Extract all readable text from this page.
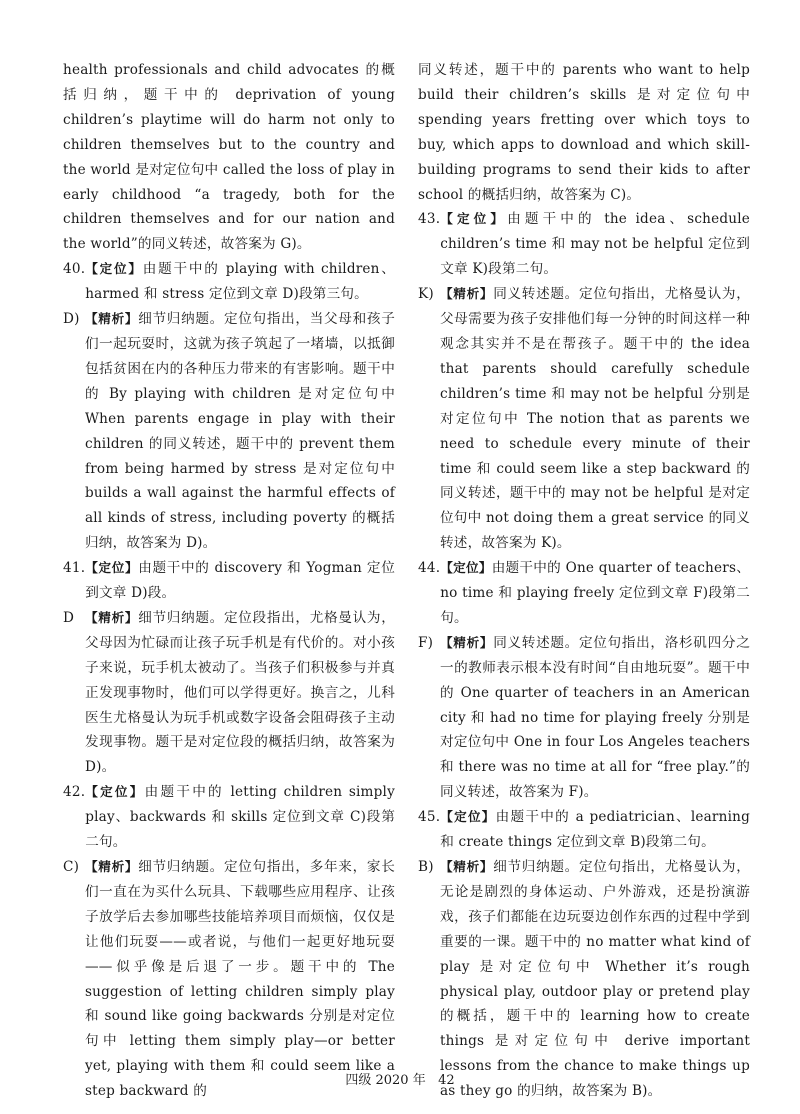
health professionals and child advocates 的概括归纳，题干中的 deprivation of young children’s playtime will do harm not only to children themselves but to the country and the world 是对定位句中 called the loss of play in early childhood “a tragedy, both for the children themselves and for our nation and the world”的同义转述，故答案为 G)。

40. 【定位】由题干中的 playing with children、harmed 和 stress 定位到文章 D)段第三句。
D) 【精析】细节归纳题。定位句指出，当父母和孩子们一起玩耍时，这就为孩子筑起了一堵墙，以抵御包括贫困在内的各种压力带来的有害影响。题干中的 By playing with children 是对定位句中 When parents engage in play with their children 的同义转述，题干中的 prevent them from being harmed by stress 是对定位句中 builds a wall against the harmful effects of all kinds of stress, including poverty 的概括归纳，故答案为 D)。
41. 【定位】由题干中的 discovery 和 Yogman 定位到文章 D)段。
D 【精析】细节归纳题。定位段指出，尤格曼认为，父母因为忙碌而让孩子玩手机是有代价的。对小孩子来说，玩手机太被动了。当孩子们积极参与并真正发现事物时，他们可以学得更好。换言之，儿科医生尤格曼认为玩手机或数字设备会阻碍孩子主动发现事物。题干是对定位段的概括归纳，故答案为 D)。
42. 【定位】由题干中的 letting children simply play、backwards 和 skills 定位到文章 C)段第二句。
C) 【精析】细节归纳题。定位句指出，多年来，家长们一直在为买什么玩具、下载哪些应用程序、让孩子放学后去参加哪些技能培养项目而烦恼，仅仅是让他们玩耍——或者说，与他们一起更好地玩耍——似乎像是后退了一步。题干中的 The suggestion of letting children simply play 和 sound like going backwards 分别是对定位句中 letting them simply play—or better yet, playing with them 和 could seem like a step backward 的

同义转述，题干中的 parents who want to help build their children’s skills 是对定位句中 spending years fretting over which toys to buy, which apps to download and which skill-building programs to send their kids to after school 的概括归纳，故答案为 C)。

43. 【定位】由题干中的 the idea、schedule children’s time 和 may not be helpful 定位到文章 K)段第二句。
K) 【精析】同义转述题。定位句指出，尤格曼认为，父母需要为孩子安排他们每一分钟的时间这样一种观念其实并不是在帮孩子。题干中的 the idea that parents should carefully schedule children’s time 和 may not be helpful 分别是对定位句中 The notion that as parents we need to schedule every minute of their time 和 could seem like a step backward 的同义转述，题干中的 may not be helpful 是对定位句中 not doing them a great service 的同义转述，故答案为 K)。
44. 【定位】由题干中的 One quarter of teachers、no time 和 playing freely 定位到文章 F)段第二句。
F) 【精析】同义转述题。定位句指出，洛杉矶四分之一的教师表示根本没有时间“自由地玩耍”。题干中的 One quarter of teachers in an American city 和 had no time for playing freely 分别是对定位句中 One in four Los Angeles teachers 和 there was no time at all for “free play.”的同义转述，故答案为 F)。
45. 【定位】由题干中的 a pediatrician、learning 和 create things 定位到文章 B)段第二句。
B) 【精析】细节归纳题。定位句指出，尤格曼认为，无论是剧烈的身体运动、户外游戏，还是扮演游戏，孩子们都能在边玩耍边创作东西的过程中学到重要的一课。题干中的 no matter what kind of play 是对定位句中 Whether it’s rough physical play, outdoor play or pretend play 的概括，题干中的 learning how to create things 是对定位句中 derive important lessons from the chance to make things up as they go 的归纳，故答案为 B)。
四级 2020 年 42
